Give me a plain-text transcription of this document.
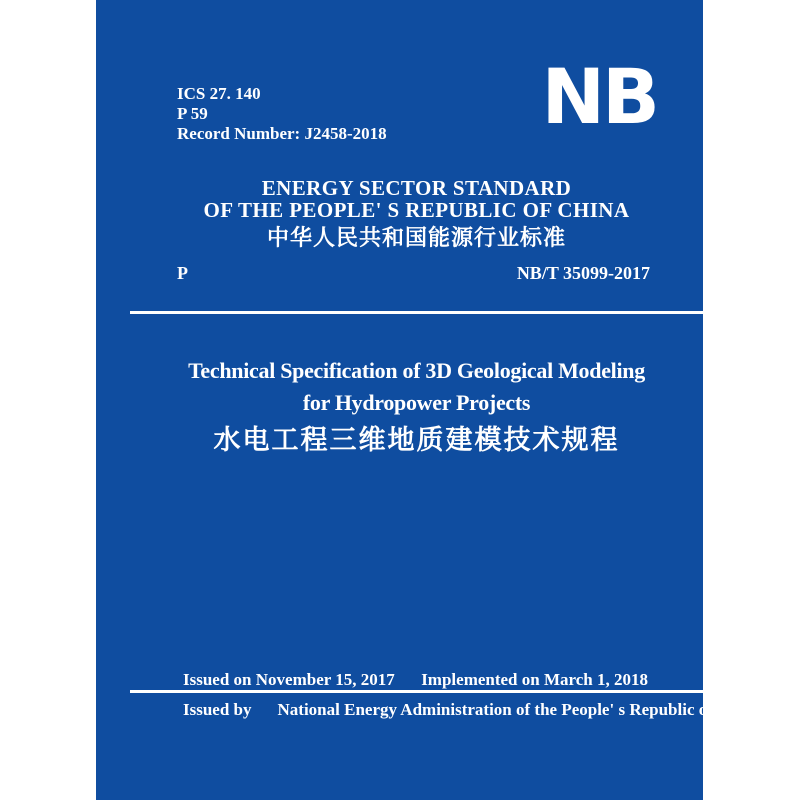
ICS 27. 140
P 59
Record Number: J2458-2018 NB

ENERGY SECTOR STANDARD

OF THE PEOPLE' S REPUBLIC OF CHINA

中华人民共和国能源行业标准

P	NB/T 35099-2017

Technical Specification of 3D Geological Modeling

for Hydropower Projects

水电工程三维地质建模技术规程

Issued on November 15, 2017 Implemented on March 1, 2018
Issued by National Energy Administration of the People' s Republic of China
